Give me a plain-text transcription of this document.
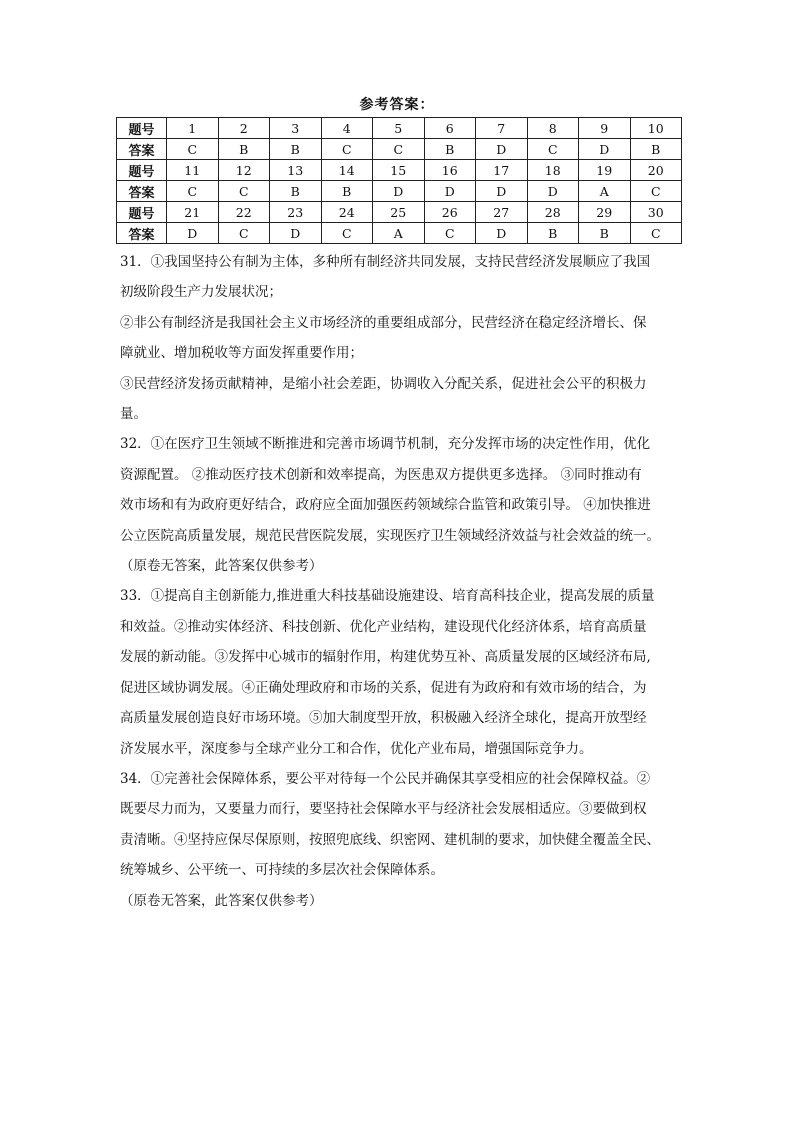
参考答案：
题号	1	2	3	4	5	6	7	8	9	10
答案	C	B	B	C	C	B	D	C	D	B
题号	11	12	13	14	15	16	17	18	19	20
答案	C	C	B	B	D	D	D	D	A	C
题号	21	22	23	24	25	26	27	28	29	30
答案	D	C	D	C	A	C	D	B	B	C
31．①我国坚持公有制为主体，多种所有制经济共同发展，支持民营经济发展顺应了我国
初级阶段生产力发展状况；
②非公有制经济是我国社会主义市场经济的重要组成部分，民营经济在稳定经济增长、保
障就业、增加税收等方面发挥重要作用；
③民营经济发扬贡献精神，是缩小社会差距，协调收入分配关系，促进社会公平的积极力
量。
32．①在医疗卫生领域不断推进和完善市场调节机制，充分发挥市场的决定性作用，优化
资源配置。 ②推动医疗技术创新和效率提高，为医患双方提供更多选择。 ③同时推动有
效市场和有为政府更好结合，政府应全面加强医药领域综合监管和政策引导。 ④加快推进
公立医院高质量发展，规范民营医院发展，实现医疗卫生领域经济效益与社会效益的统一。
（原卷无答案，此答案仅供参考）
33．①提高自主创新能力,推进重大科技基础设施建设、培育高科技企业，提高发展的质量
和效益。②推动实体经济、科技创新、优化产业结构，建设现代化经济体系，培育高质量
发展的新动能。③发挥中心城市的辐射作用，构建优势互补、高质量发展的区域经济布局,
促进区域协调发展。④正确处理政府和市场的关系，促进有为政府和有效市场的结合，为
高质量发展创造良好市场环境。⑤加大制度型开放，积极融入经济全球化，提高开放型经
济发展水平，深度参与全球产业分工和合作，优化产业布局，增强国际竞争力。
34．①完善社会保障体系，要公平对待每一个公民并确保其享受相应的社会保障权益。②
既要尽力而为，又要量力而行，要坚持社会保障水平与经济社会发展相适应。③要做到权
责清晰。④坚持应保尽保原则，按照兜底线、织密网、建机制的要求，加快健全覆盖全民、
统筹城乡、公平统一、可持续的多层次社会保障体系。
（原卷无答案，此答案仅供参考）
